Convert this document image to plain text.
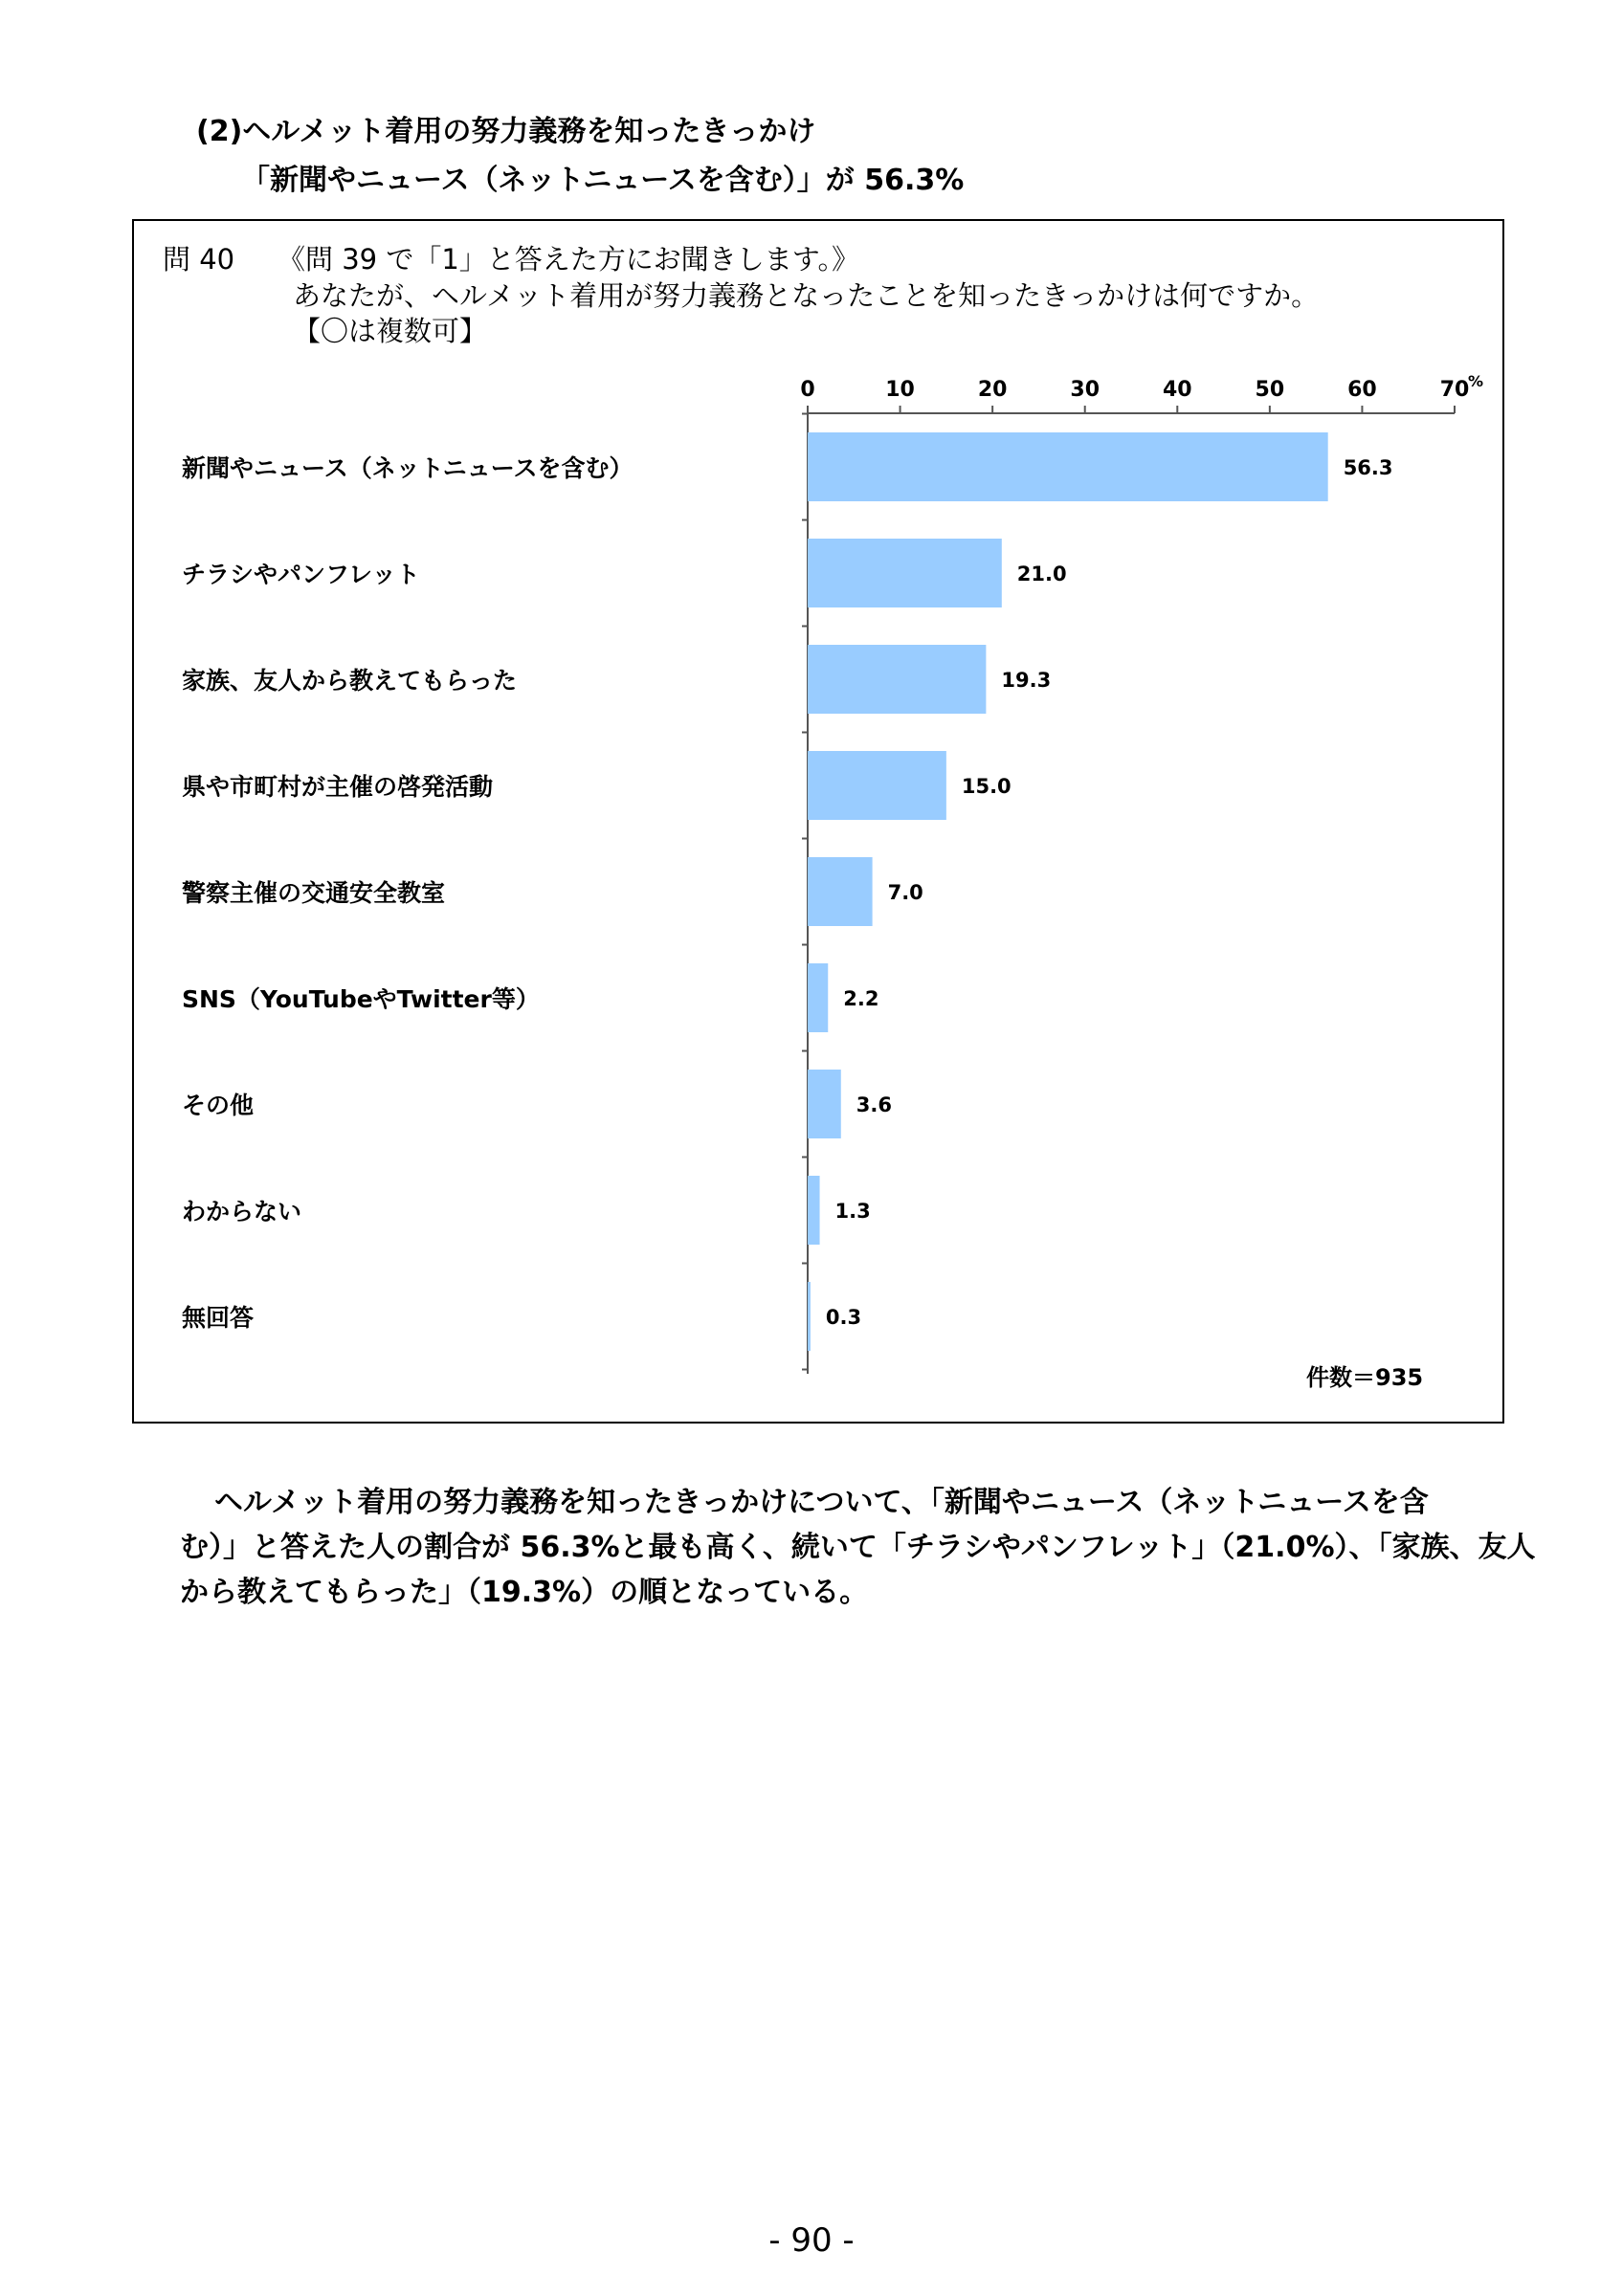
(2)ヘルメット着用の努力義務を知ったきっかけ
「新聞やニュース（ネットニュースを含む）」が 56.3%
問 40 《問 39 で「1」と答えた方にお聞きします。》
あなたが、ヘルメット着用が努力義務となったことを知ったきっかけは何ですか。
【〇は複数可】
新聞やニュース（ネットニュースを含む）
チラシやパンフレット
家族、友人から教えてもらった
県や市町村が主催の啓発活動
警察主催の交通安全教室
SNS（YouTubeやTwitter等）
その他
わからない
無回答
0	10	20	30	40	50	60	70
%
56.3
21.0
19.3
15.0
7.0
2.2
3.6
1.3
0.3
件数＝935
ヘルメット着用の努力義務を知ったきっかけについて、「新聞やニュース（ネットニュースを含
む）」と答えた人の割合が 56.3%と最も高く、続いて「チラシやパンフレット」（21.0%）、「家族、友人
から教えてもらった」（19.3%）の順となっている。
- 90 -
